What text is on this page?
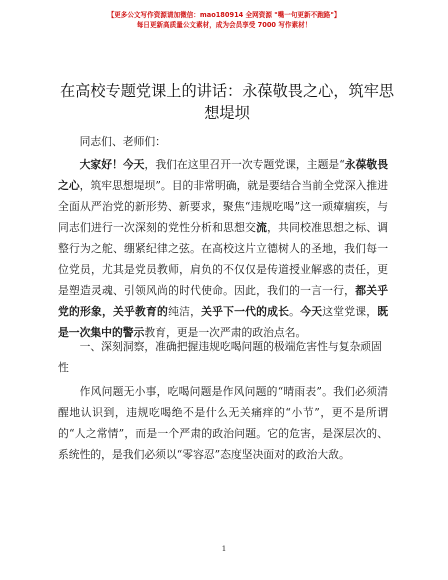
【更多公文写作资源请加微信：mao180914 全网资源 "嘴一句更新不跑路"】
每日更新高质量公文素材，成为会员享受 7000 写作素材！
在高校专题党课上的讲话：永葆敬畏之心，筑牢思想堤坝
同志们、老师们：
大家好！今天，我们在这里召开一次专题党课，主题是“永葆敬畏之心，筑牢思想堤坝”。目的非常明确，就是要结合当前全党深入推进全面从严治党的新形势、新要求，聚焦“违规吃喝”这一顽瘴痼疾，与同志们进行一次深刻的党性分析和思想交流，共同校准思想之标、调整行为之舵、绷紧纪律之弦。在高校这片立德树人的圣地，我们每一位党员，尤其是党员教师，肩负的不仅仅是传道授业解惑的责任，更是塑造灵魂、引领风尚的时代使命。因此，我们的一言一行，都关乎党的形象，关乎教育的纯洁，关乎下一代的成长。今天这堂党课，既是一次集中的警示教育，更是一次严肃的政治点名。
一、深刻洞察，准确把握违规吃喝问题的极端危害性与复杂顽固性
作风问题无小事，吃喝问题是作风问题的“晴雨表”。我们必须清醒地认识到，违规吃喝绝不是什么无关痛痒的“小节”，更不是所谓的“人之常情”，而是一个严肃的政治问题。它的危害，是深层次的、系统性的，是我们必须以“零容忍”态度坚决面对的政治大敌。
1
